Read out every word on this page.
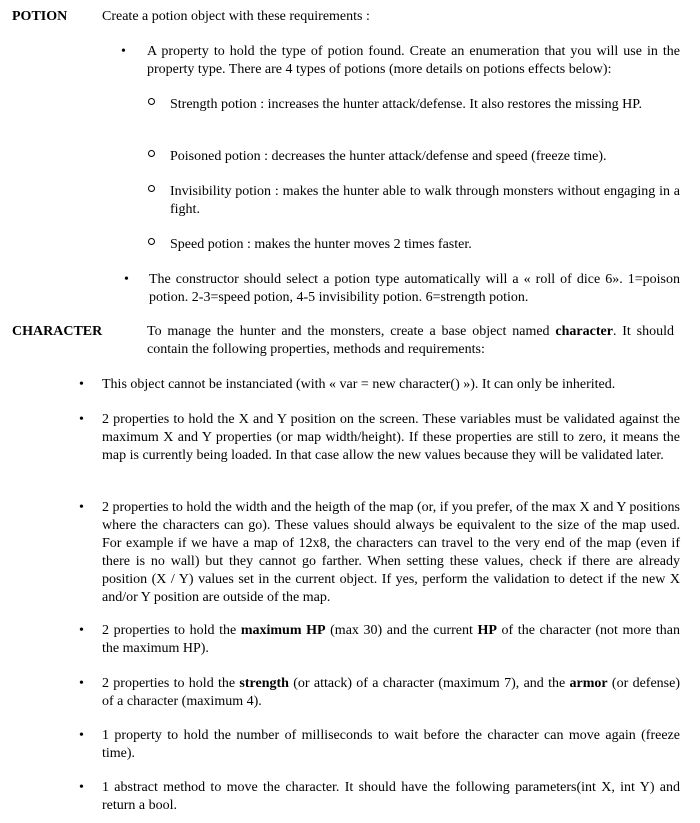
POTION Create a potion object with these requirements :
• A property to hold the type of potion found. Create an enumeration that you will use in the property type. There are 4 types of potions (more details on potions effects below):
Strength potion : increases the hunter attack/defense. It also restores the missing HP.
Poisoned potion : decreases the hunter attack/defense and speed (freeze time).
Invisibility potion : makes the hunter able to walk through monsters without engaging in a fight.
Speed potion : makes the hunter moves 2 times faster.
• The constructor should select a potion type automatically will a « roll of dice 6». 1=poison potion. 2-3=speed potion, 4-5 invisibility potion. 6=strength potion.
CHARACTER	To manage the hunter and the monsters, create a base object named character. It should contain the following properties, methods and requirements:
• This object cannot be instanciated (with « var = new character() »). It can only be inherited.
• 2 properties to hold the X and Y position on the screen. These variables must be validated against the maximum X and Y properties (or map width/height). If these properties are still to zero, it means the map is currently being loaded. In that case allow the new values because they will be validated later.
• 2 properties to hold the width and the heigth of the map (or, if you prefer, of the max X and Y positions where the characters can go). These values should always be equivalent to the size of the map used. For example if we have a map of 12x8, the characters can travel to the very end of the map (even if there is no wall) but they cannot go farther. When setting these values, check if there are already position (X / Y) values set in the current object. If yes, perform the validation to detect if the new X and/or Y position are outside of the map.
• 2 properties to hold the maximum HP (max 30) and the current HP of the character (not more than the maximum HP).
• 2 properties to hold the strength (or attack) of a character (maximum 7), and the armor (or defense) of a character (maximum 4).
• 1 property to hold the number of milliseconds to wait before the character can move again (freeze time).
• 1 abstract method to move the character. It should have the following parameters(int X, int Y) and return a bool.
